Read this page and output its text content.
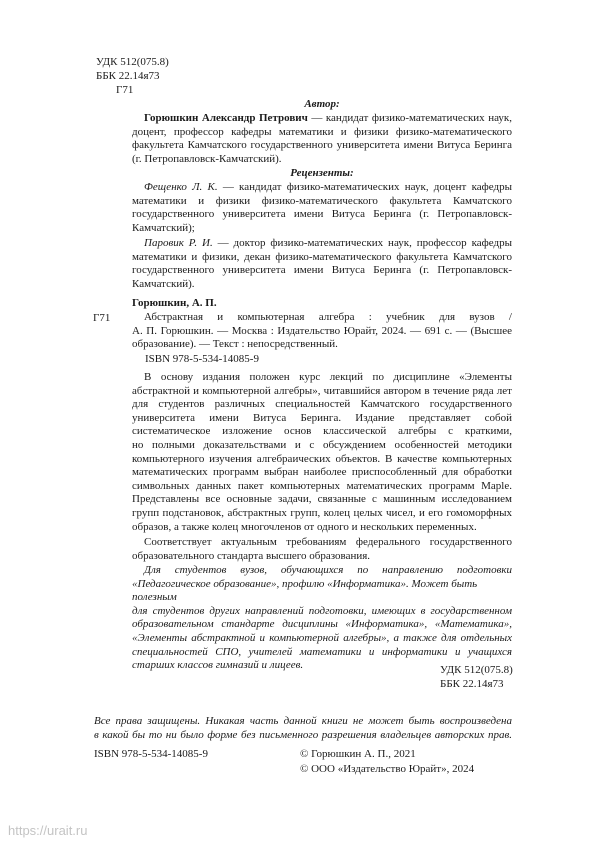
УДК 512(075.8)
ББК 22.14я73
Г71
Автор:
Горюшкин Александр Петрович — кандидат физико-математических наук,
доцент, профессор кафедры математики и физики физико-математического
факультета Камчатского государственного университета имени Витуса Беринга
(г. Петропавловск-Камчатский).
Рецензенты:
Фещенко Л. К. — кандидат физико-математических наук, доцент кафедры
математики и физики физико-математического факультета Камчатского
государственного университета имени Витуса Беринга (г. Петропавловск-
Камчатский);
Паровик Р. И. — доктор физико-математических наук, профессор кафедры
математики и физики, декан физико-математического факультета Камчатского
государственного университета имени Витуса Беринга (г. Петропавловск-
Камчатский).
Горюшкин, А. П.
Г71	Абстрактная и компьютерная алгебра : учебник для вузов /
А. П. Горюшкин. — Москва : Издательство Юрайт, 2024. — 691 с. — (Высшее
образование). — Текст : непосредственный.
ISBN 978-5-534-14085-9
В основу издания положен курс лекций по дисциплине «Элементы
абстрактной и компьютерной алгебры», читавшийся автором в течение ряда лет
для студентов различных специальностей Камчатского государственного
университета имени Витуса Беринга. Издание представляет собой
систематическое изложение основ классической алгебры с краткими,
но полными доказательствами и с обсуждением особенностей методики
компьютерного изучения алгебраических объектов. В качестве компьютерных
математических программ выбран наиболее приспособленный для обработки
символьных данных пакет компьютерных математических программ Maple.
Представлены все основные задачи, связанные с машинным исследованием
групп подстановок, абстрактных групп, колец целых чисел, и его гомоморфных
образов, а также колец многочленов от одного и нескольких переменных.
Соответствует актуальным требованиям федерального государственного
образовательного стандарта высшего образования.
Для студентов вузов, обучающихся по направлению подготовки
«Педагогическое образование», профилю «Информатика». Может быть полезным
для студентов других направлений подготовки, имеющих в государственном
образовательном стандарте дисциплины «Информатика», «Математика»,
«Элементы абстрактной и компьютерной алгебры», а также для отдельных
специальностей СПО, учителей математики и информатики и учащихся
старших классов гимназий и лицеев.	УДК 512(075.8)
ББК 22.14я73
Все права защищены. Никакая часть данной книги не может быть воспроизведена
в какой бы то ни было форме без письменного разрешения владельцев авторских прав.
ISBN 978-5-534-14085-9	© Горюшкин А. П., 2021
© ООО «Издательство Юрайт», 2024
https://urait.ru
